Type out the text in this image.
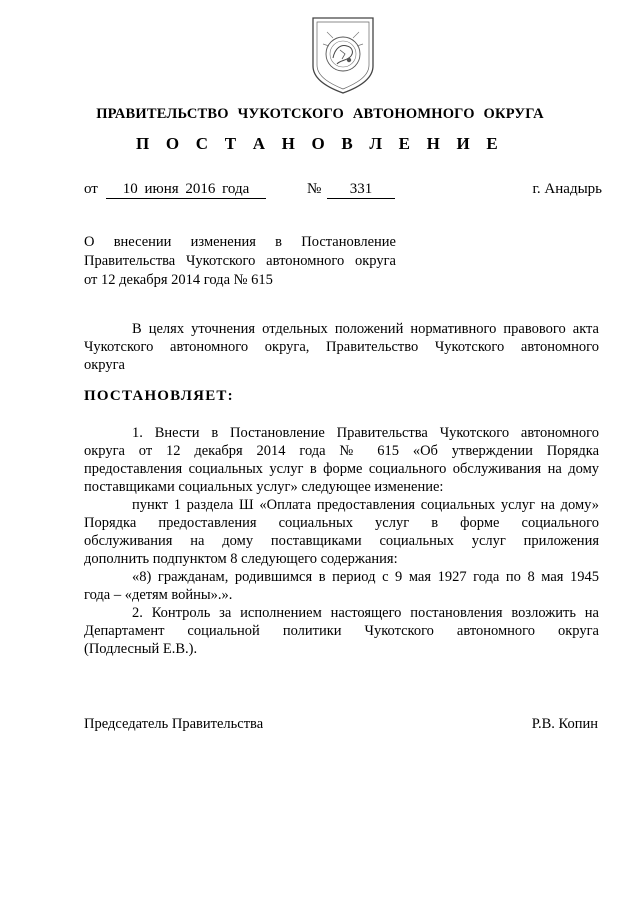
ПРАВИТЕЛЬСТВО ЧУКОТСКОГО АВТОНОМНОГО ОКРУГА
П О С Т А Н О В Л Е Н И Е
от	10 июня 2016 года	№	331	г. Анадырь
О внесении изменения в Постановление
Правительства Чукотского автономного округа
от 12 декабря 2014 года № 615
В целях уточнения отдельных положений нормативного правового акта
Чукотского автономного округа, Правительство Чукотского автономного
округа
ПОСТАНОВЛЯЕТ:
1. Внести в Постановление Правительства Чукотского автономного
округа от 12 декабря 2014 года № 615 «Об утверждении Порядка
предоставления социальных услуг в форме социального обслуживания на дому
поставщиками социальных услуг» следующее изменение:
пункт 1 раздела Ш «Оплата предоставления социальных услуг на дому»
Порядка предоставления социальных услуг в форме социального
обслуживания на дому поставщиками социальных услуг приложения
дополнить подпунктом 8 следующего содержания:
«8) гражданам, родившимся в период с 9 мая 1927 года по 8 мая 1945
года – «детям войны».».
2. Контроль за исполнением настоящего постановления возложить на
Департамент социальной политики Чукотского автономного округа
(Подлесный Е.В.).
Председатель Правительства	Р.В. Копин
